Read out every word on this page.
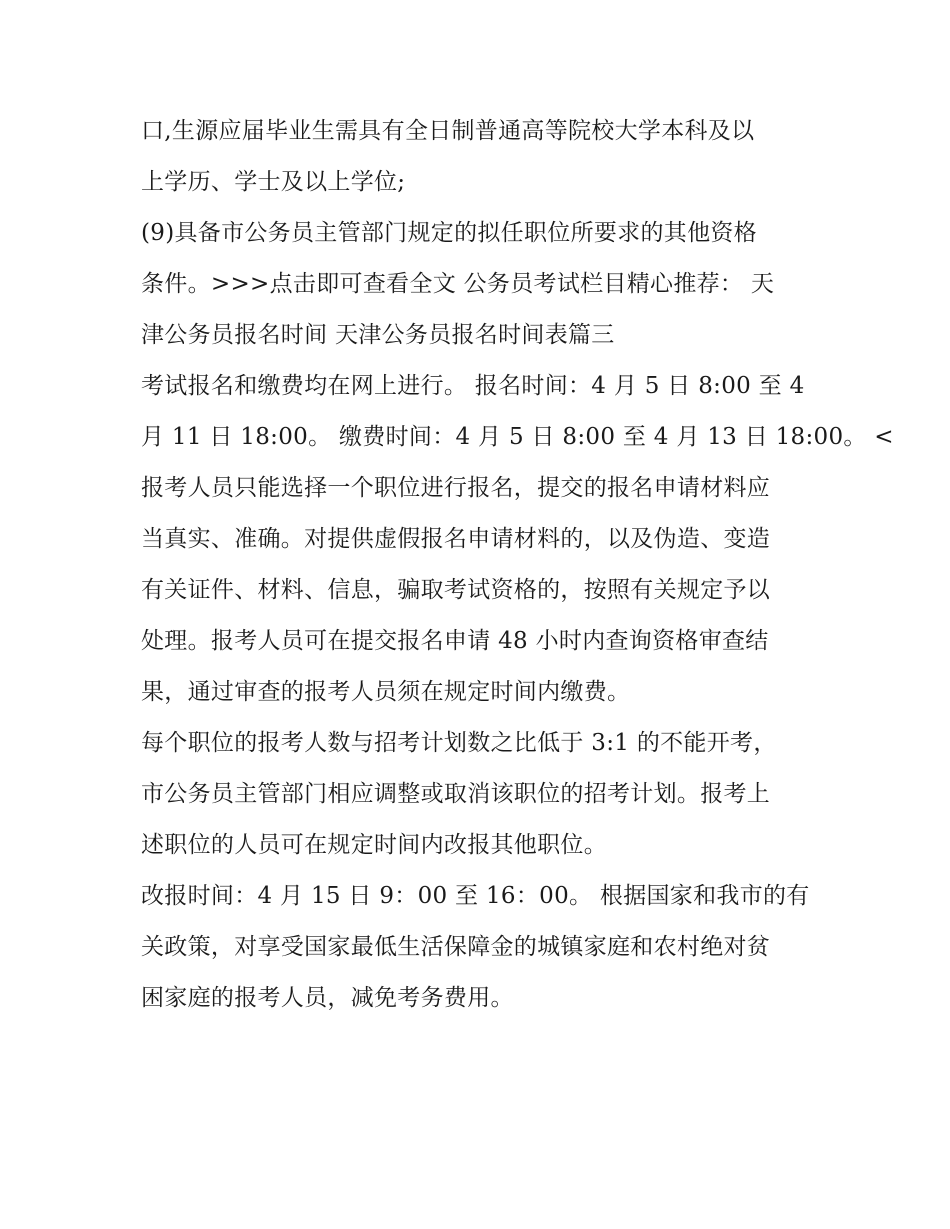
口,生源应届毕业生需具有全日制普通高等院校大学本科及以
上学历、学士及以上学位;
(9)具备市公务员主管部门规定的拟任职位所要求的其他资格
条件。>>>点击即可查看全文 公务员考试栏目精心推荐： 天
津公务员报名时间 天津公务员报名时间表篇三
考试报名和缴费均在网上进行。 报名时间：4 月 5 日 8:00 至 4
月 11 日 18:00。 缴费时间：4 月 5 日 8:00 至 4 月 13 日 18:00。 <
报考人员只能选择一个职位进行报名，提交的报名申请材料应
当真实、准确。对提供虚假报名申请材料的，以及伪造、变造
有关证件、材料、信息，骗取考试资格的，按照有关规定予以
处理。报考人员可在提交报名申请 48 小时内查询资格审查结
果，通过审查的报考人员须在规定时间内缴费。
每个职位的报考人数与招考计划数之比低于 3:1 的不能开考，
市公务员主管部门相应调整或取消该职位的招考计划。报考上
述职位的人员可在规定时间内改报其他职位。
改报时间：4 月 15 日 9：00 至 16：00。 根据国家和我市的有
关政策，对享受国家最低生活保障金的城镇家庭和农村绝对贫
困家庭的报考人员，减免考务费用。
